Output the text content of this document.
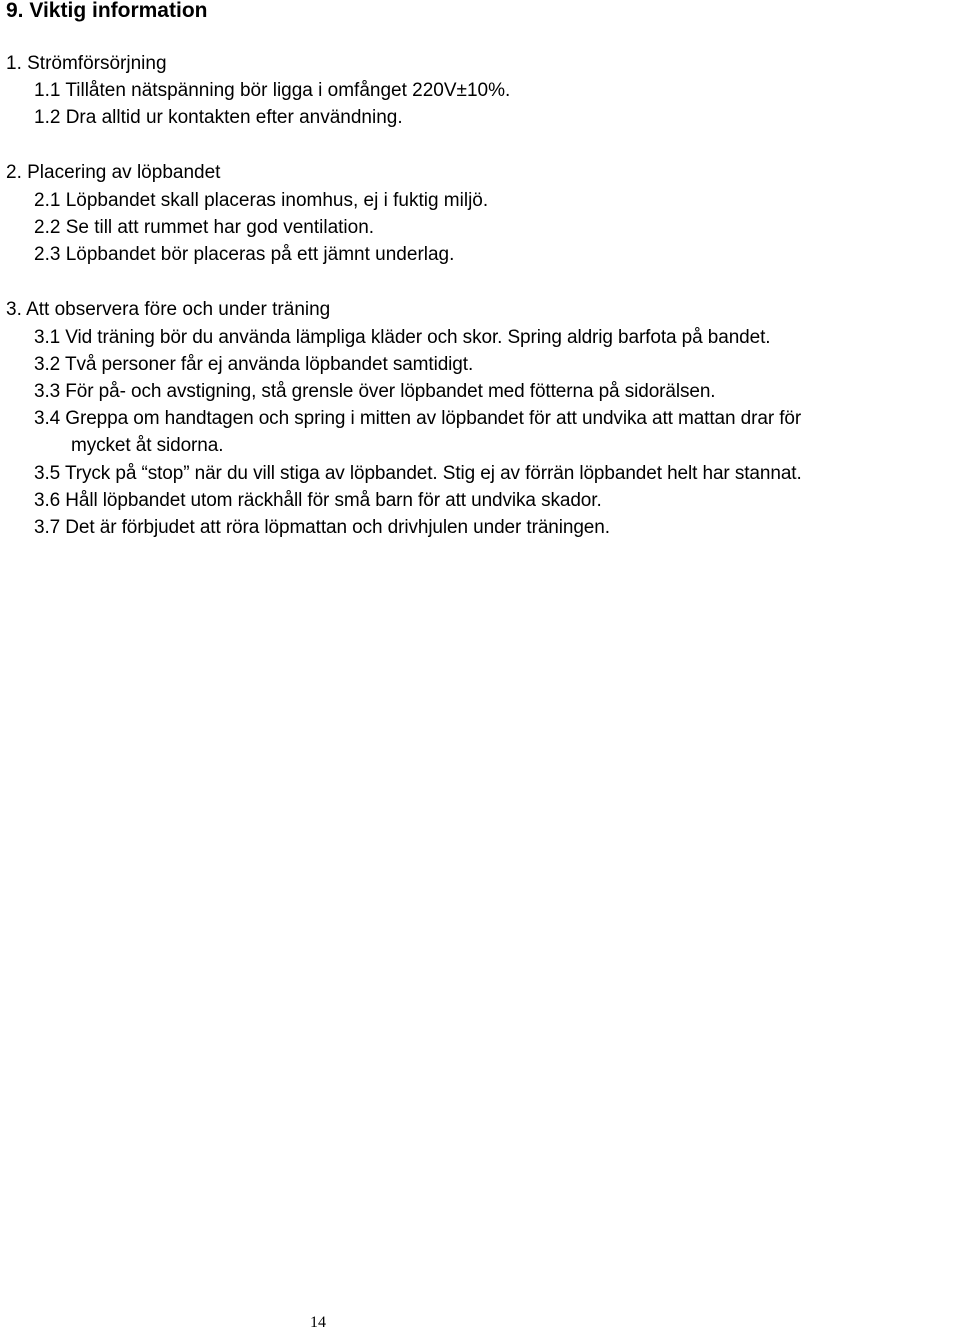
9. Viktig information
1. Strömförsörjning
1.1 Tillåten nätspänning bör ligga i omfånget 220V±10%.
1.2 Dra alltid ur kontakten efter användning.
2. Placering av löpbandet
2.1 Löpbandet skall placeras inomhus, ej i fuktig miljö.
2.2 Se till att rummet har god ventilation.
2.3 Löpbandet bör placeras på ett jämnt underlag.
3. Att observera före och under träning
3.1 Vid träning bör du använda lämpliga kläder och skor. Spring aldrig barfota på bandet.
3.2 Två personer får ej använda löpbandet samtidigt.
3.3 För på- och avstigning, stå grensle över löpbandet med fötterna på sidorälsen.
3.4 Greppa om handtagen och spring i mitten av löpbandet för att undvika att mattan drar för
mycket åt sidorna.
3.5 Tryck på “stop” när du vill stiga av löpbandet. Stig ej av förrän löpbandet helt har stannat.
3.6 Håll löpbandet utom räckhåll för små barn för att undvika skador.
3.7 Det är förbjudet att röra löpmattan och drivhjulen under träningen.
14
